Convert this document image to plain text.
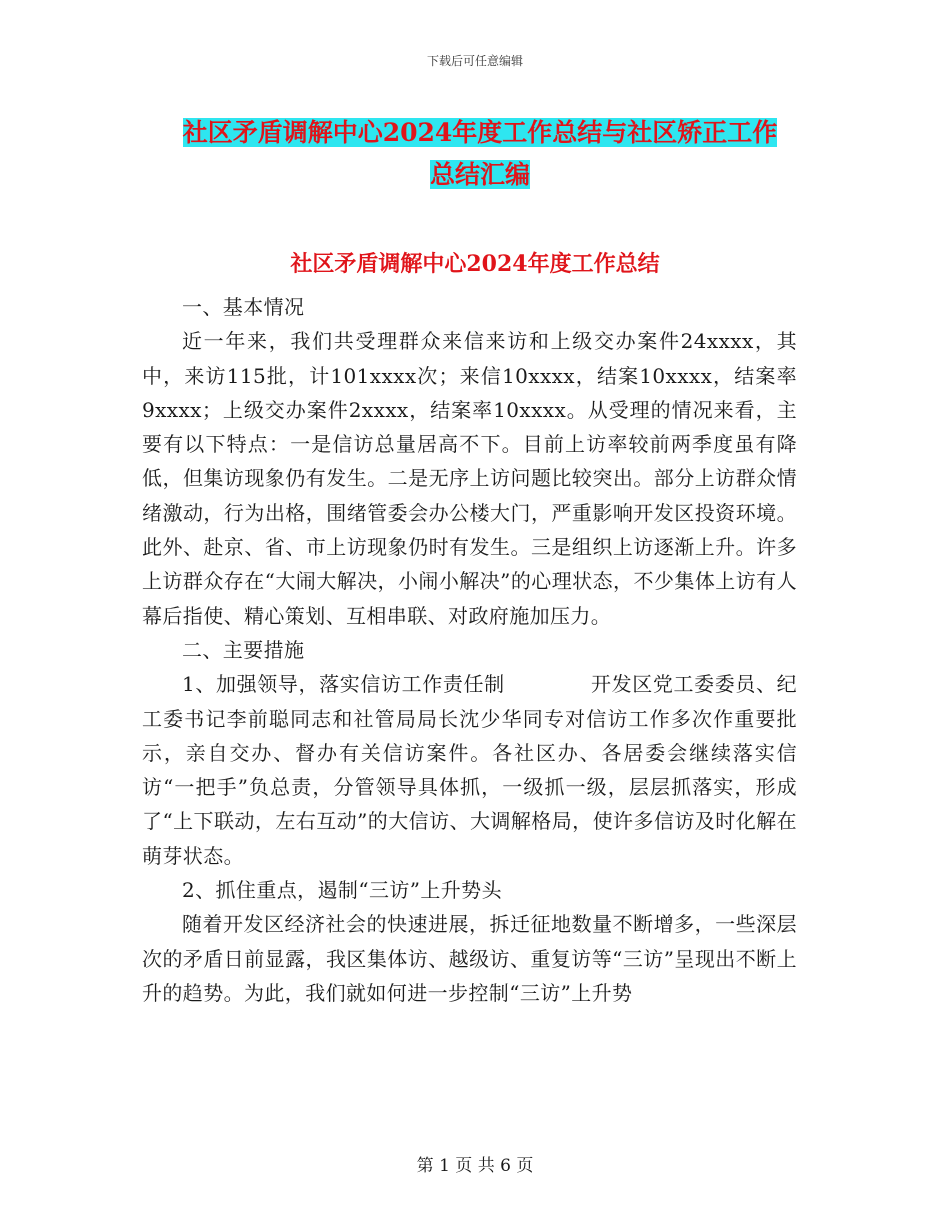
下载后可任意编辑
社区矛盾调解中心2024年度工作总结与社区矫正工作
总结汇编
社区矛盾调解中心2024年度工作总结

一、基本情况

近一年来，我们共受理群众来信来访和上级交办案件24xxxx，其中，来访115批，计101xxxx次；来信10xxxx，结案10xxxx，结案率9xxxx；上级交办案件2xxxx，结案率10xxxx。从受理的情况来看，主要有以下特点：一是信访总量居高不下。目前上访率较前两季度虽有降低，但集访现象仍有发生。二是无序上访问题比较突出。部分上访群众情绪激动，行为出格，围绪管委会办公楼大门，严重影响开发区投资环境。此外、赴京、省、市上访现象仍时有发生。三是组织上访逐渐上升。许多上访群众存在“大闹大解决，小闹小解决”的心理状态，不少集体上访有人幕后指使、精心策划、互相串联、对政府施加压力。

二、主要措施

1、加强领导，落实信访工作责任制	开发区党工委委员、纪工委书记李前聪同志和社管局局长沈少华同专对信访工作多次作重要批示，亲自交办、督办有关信访案件。各社区办、各居委会继续落实信访“一把手”负总责，分管领导具体抓，一级抓一级，层层抓落实，形成了“上下联动，左右互动”的大信访、大调解格局，使许多信访及时化解在萌芽状态。

2、抓住重点，遏制“三访”上升势头

随着开发区经济社会的快速进展，拆迁征地数量不断增多，一些深层次的矛盾日前显露，我区集体访、越级访、重复访等“三访”呈现出不断上升的趋势。为此，我们就如何进一步控制“三访”上升势

第 1 页 共 6 页
